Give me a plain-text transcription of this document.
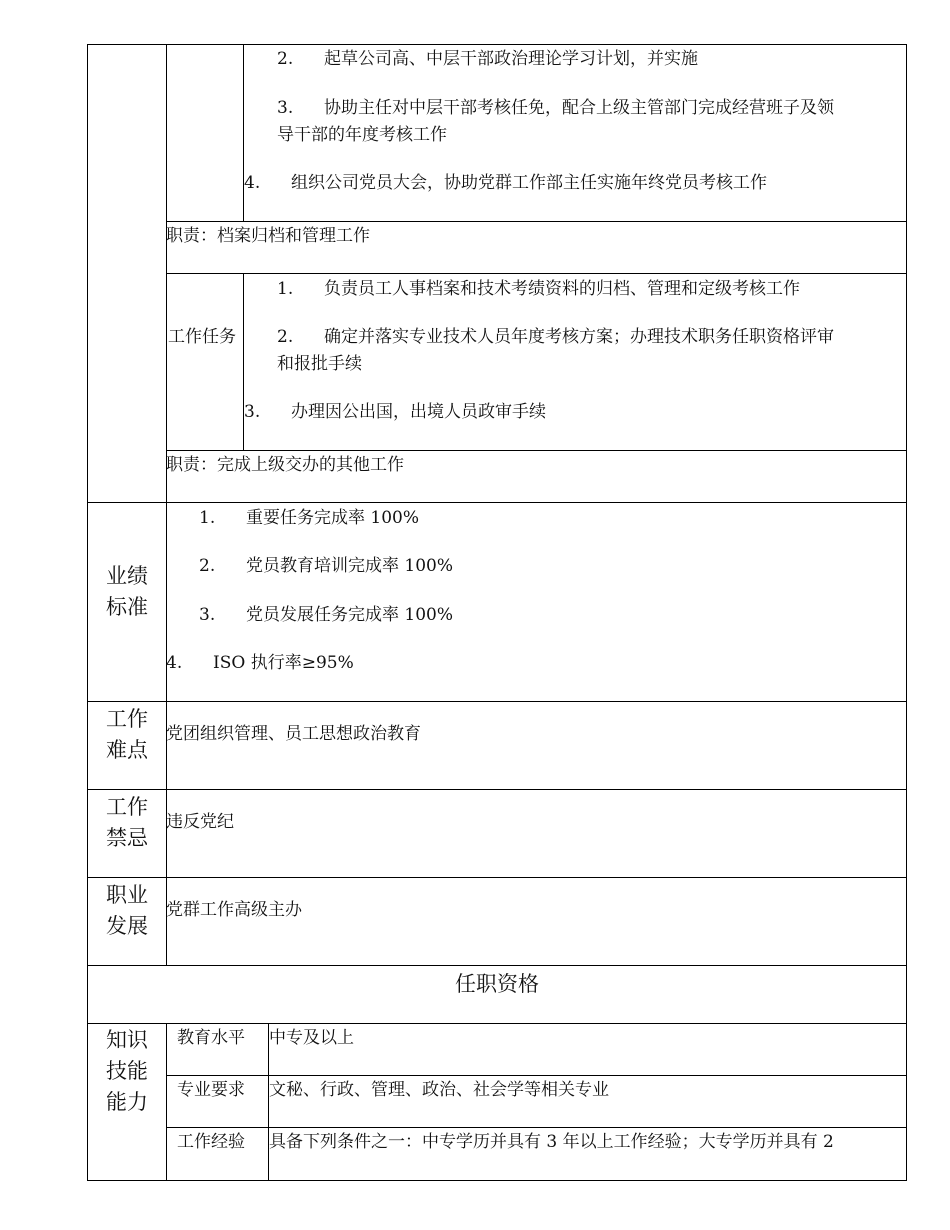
2. 起草公司高、中层干部政治理论学习计划，并实施
3. 协助主任对中层干部考核任免，配合上级主管部门完成经营班子及领
导干部的年度考核工作
4. 组织公司党员大会，协助党群工作部主任实施年终党员考核工作
职责：档案归档和管理工作
工作任务
1. 负责员工人事档案和技术考绩资料的归档、管理和定级考核工作
2. 确定并落实专业技术人员年度考核方案；办理技术职务任职资格评审
和报批手续
3. 办理因公出国，出境人员政审手续
职责：完成上级交办的其他工作
业绩标准
1. 重要任务完成率 100%
2. 党员教育培训完成率 100%
3. 党员发展任务完成率 100%
4. ISO 执行率≥95%
工作难点
党团组织管理、员工思想政治教育
工作禁忌
违反党纪
职业发展
党群工作高级主办
任职资格
知识技能能力
教育水平 中专及以上
专业要求 文秘、行政、管理、政治、社会学等相关专业
工作经验 具备下列条件之一：中专学历并具有 3 年以上工作经验；大专学历并具有 2
